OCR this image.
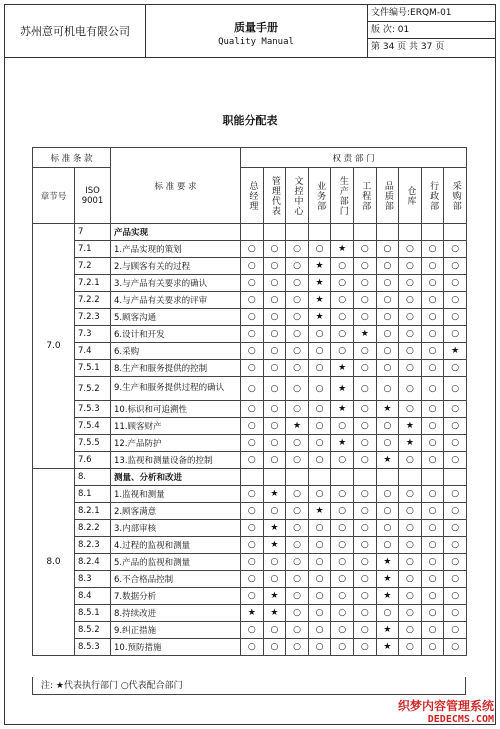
苏州意可机电有限公司	质量手册
Quality Manual
文件编号:ERQM-01
版 次: 01
第 34 页 共 37 页
职能分配表
标 准 条 款		标 准 要 求	权 责 部 门									
章节号	ISO 9001		总经理	管理代表	文控中心	业务部	生产部门	工程部	品质部	仓库	行政部	采购部

7.0	7	产品实现										
	7.1	1.产品实现的策划	○	○	○	○	★	○	○	○	○	○
	7.2	2.与顾客有关的过程	○	○	○	★	○	○	○	○	○	○
	7.2.1	3.与产品有关要求的确认	○	○	○	★	○	○	○	○	○	○
	7.2.2	4.与产品有关要求的评审	○	○	○	★	○	○	○	○	○	○
	7.2.3	5.顾客沟通	○	○	○	★	○	○	○	○	○	○
	7.3	6.设计和开发	○	○	○	○	○	★	○	○	○	○
	7.4	6.采购	○	○	○	○	○	○	○	○	○	★
	7.5.1	8.生产和服务提供的控制	○	○	○	○	★	○	○	○	○	○
	7.5.2	9.生产和服务提供过程的确认	○	○	○	○	★	○	○	○	○	○
	7.5.3	10.标识和可追溯性	○	○	○	○	★	○	★	○	○	○
	7.5.4	11.顾客财产	○	○	★	○	○	○	○	★	○	○
	7.5.5	12.产品防护	○	○	○	○	★	○	○	★	○	○
	7.6	13.监视和测量设备的控制	○	○	○	○	○	○	★	○	○	○
8.0	8.	测量、分析和改进										
	8.1	1.监视和测量	○	★	○	○	○	○	○	○	○	○
	8.2.1	2.顾客满意	○	○	○	★	○	○	○	○	○	○
	8.2.2	3.内部审核	○	★	○	○	○	○	○	○	○	○
	8.2.3	4.过程的监视和测量	○	★	○	○	○	○	○	○	○	○
	8.2.4	5.产品的监视和测量	○	○	○	○	○	○	★	○	○	○
	8.3	6.不合格品控制	○	○	○	○	○	○	★	○	○	○
	8.4	7.数据分析	○	★	○	○	○	○	★	○	○	○
	8.5.1	8.持续改进	★	★	○	○	○	○	○	○	○	○
	8.5.2	9.纠正措施	○	○	○	○	○	○	★	○	○	○
	8.5.3	10.预防措施	○	○	○	○	○	○	★	○	○	○
注: ★代表执行部门 ○代表配合部门
织梦内容管理系统
DEDECMS.COM
